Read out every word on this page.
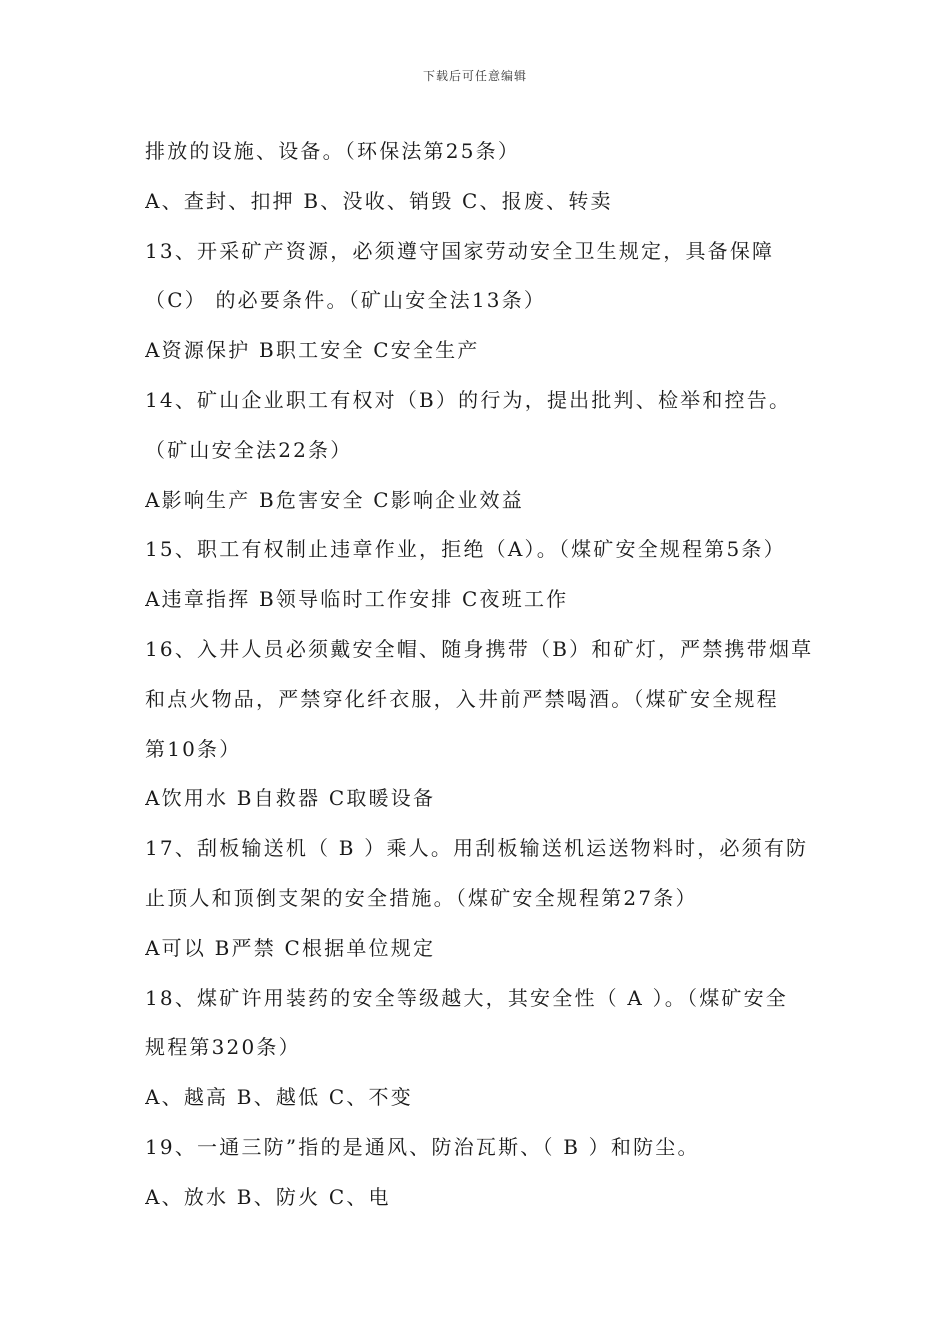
下载后可任意编辑
排放的设施、设备。（环保法第25条）
A、查封、扣押 B、没收、销毁 C、报废、转卖
13、开采矿产资源，必须遵守国家劳动安全卫生规定，具备保障
（C） 的必要条件。（矿山安全法13条）
A资源保护 B职工安全 C安全生产
14、矿山企业职工有权对（B）的行为，提出批判、检举和控告。
（矿山安全法22条）
A影响生产 B危害安全 C影响企业效益
15、职工有权制止违章作业，拒绝（A）。（煤矿安全规程第5条）
A违章指挥 B领导临时工作安排 C夜班工作
16、入井人员必须戴安全帽、随身携带（B）和矿灯，严禁携带烟草
和点火物品，严禁穿化纤衣服，入井前严禁喝酒。（煤矿安全规程
第10条）
A饮用水 B自救器 C取暖设备
17、刮板输送机（ B ）乘人。用刮板输送机运送物料时，必须有防
止顶人和顶倒支架的安全措施。（煤矿安全规程第27条）
A可以 B严禁 C根据单位规定
18、煤矿许用装药的安全等级越大，其安全性（ A ）。（煤矿安全
规程第320条）
A、越高 B、越低 C、不变
19、一通三防”指的是通风、防治瓦斯、（ B ）和防尘。
A、放水 B、防火 C、电
